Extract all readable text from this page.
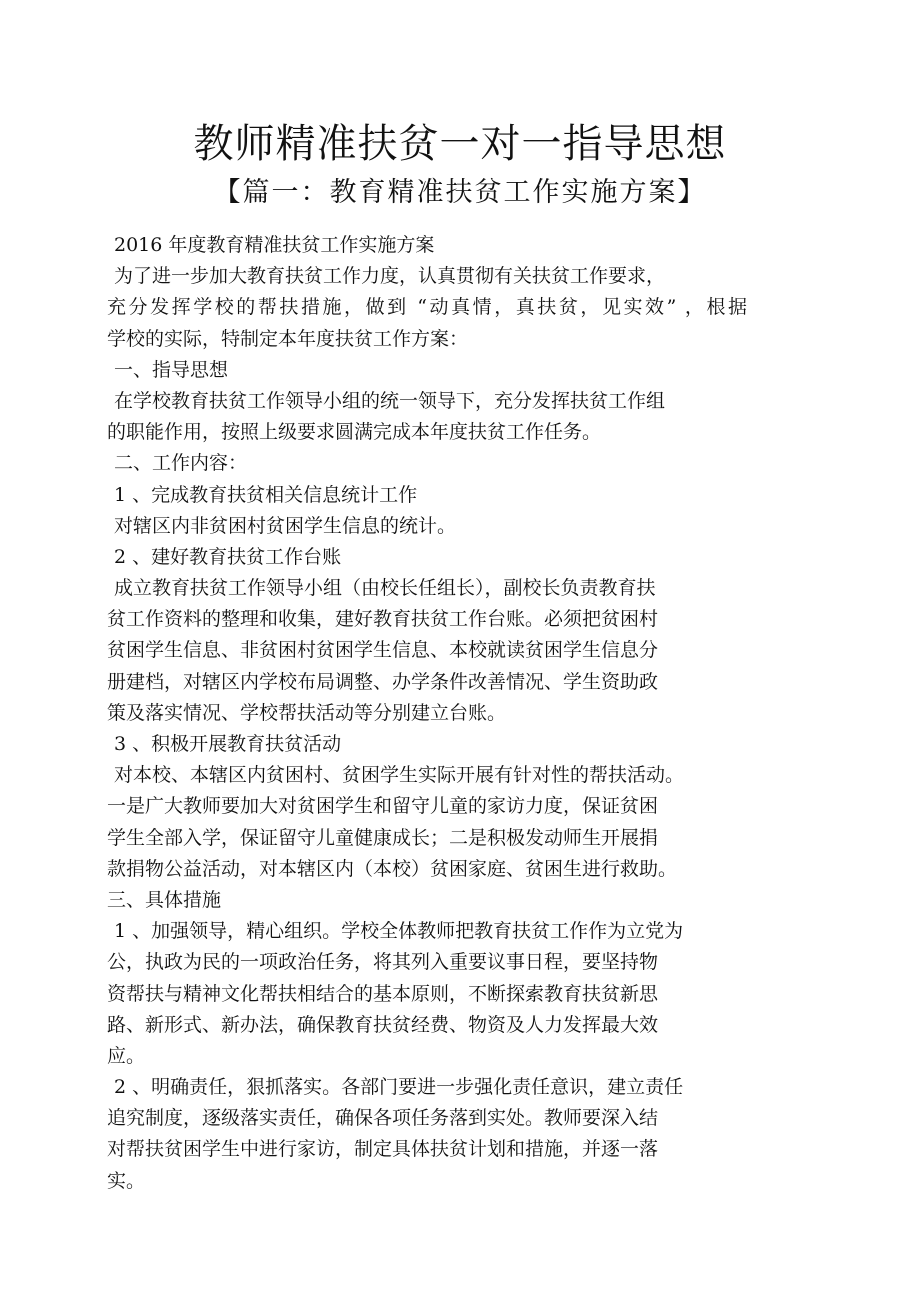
教师精准扶贫一对一指导思想
【篇一：教育精准扶贫工作实施方案】
2016 年度教育精准扶贫工作实施方案
为了进一步加大教育扶贫工作力度，认真贯彻有关扶贫工作要求，
充分发挥学校的帮扶措施，做到 “动真情，真扶贫，见实效” ，根据
学校的实际，特制定本年度扶贫工作方案：
一、指导思想
在学校教育扶贫工作领导小组的统一领导下，充分发挥扶贫工作组
的职能作用，按照上级要求圆满完成本年度扶贫工作任务。
二、工作内容：
1 、完成教育扶贫相关信息统计工作
对辖区内非贫困村贫困学生信息的统计。
2 、建好教育扶贫工作台账
成立教育扶贫工作领导小组（由校长任组长），副校长负责教育扶
贫工作资料的整理和收集，建好教育扶贫工作台账。必须把贫困村
贫困学生信息、非贫困村贫困学生信息、本校就读贫困学生信息分
册建档，对辖区内学校布局调整、办学条件改善情况、学生资助政
策及落实情况、学校帮扶活动等分别建立台账。
3 、积极开展教育扶贫活动
对本校、本辖区内贫困村、贫困学生实际开展有针对性的帮扶活动。
一是广大教师要加大对贫困学生和留守儿童的家访力度，保证贫困
学生全部入学，保证留守儿童健康成长；二是积极发动师生开展捐
款捐物公益活动，对本辖区内（本校）贫困家庭、贫困生进行救助。
三、具体措施
1 、加强领导，精心组织。学校全体教师把教育扶贫工作作为立党为
公，执政为民的一项政治任务，将其列入重要议事日程，要坚持物
资帮扶与精神文化帮扶相结合的基本原则，不断探索教育扶贫新思
路、新形式、新办法，确保教育扶贫经费、物资及人力发挥最大效
应。
2 、明确责任，狠抓落实。各部门要进一步强化责任意识，建立责任
追究制度，逐级落实责任，确保各项任务落到实处。教师要深入结
对帮扶贫困学生中进行家访，制定具体扶贫计划和措施，并逐一落
实。
